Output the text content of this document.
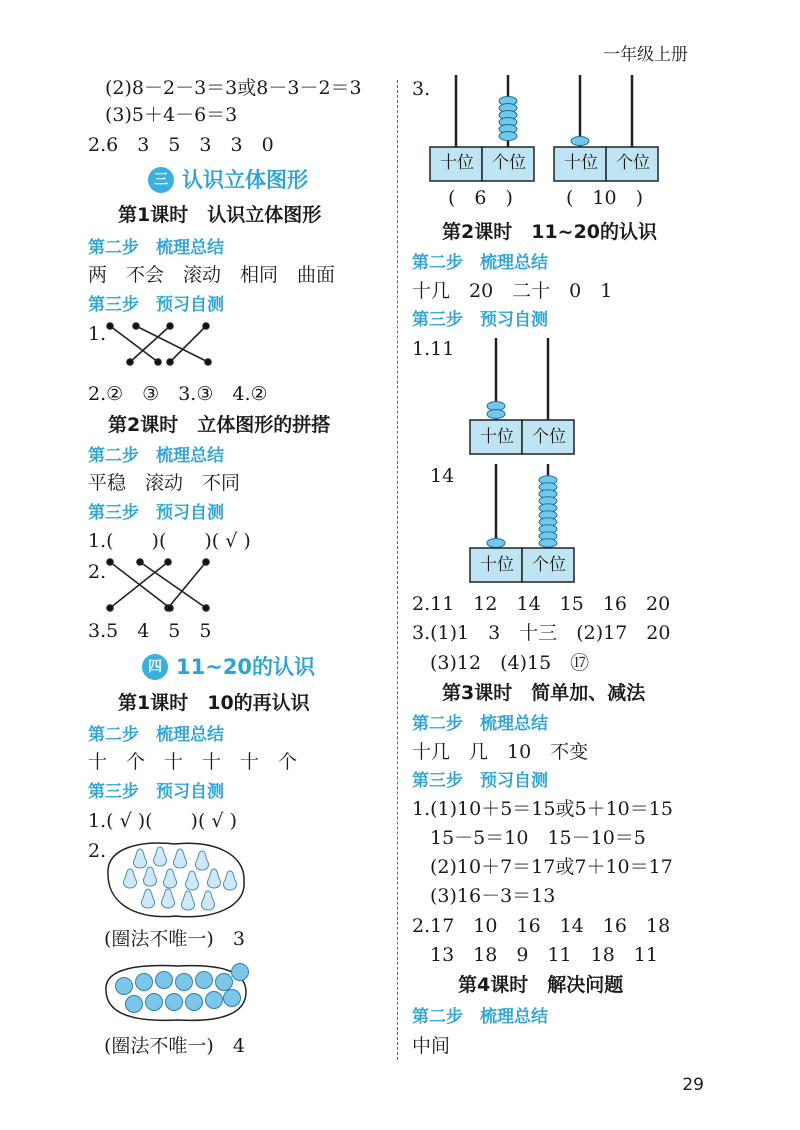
一年级上册
(2)8－2－3＝3或8－3－2＝3
(3)5＋4－6＝3
2.6　3　5　3　3　0
三 认识立体图形
第1课时　认识立体图形
第二步　梳理总结
两　不会　滚动　相同　曲面
第三步　预习自测
1.
2.②　③　3.③　4.②
第2课时　立体图形的拼搭
第二步　梳理总结
平稳　滚动　不同
第三步　预习自测
1.(　　)(　　)( √ )
2.
3.5　4　5　5
四 11~20的认识
第1课时　10的再认识
第二步　梳理总结
十　个　十　十　十　个
第三步　预习自测
1.( √ )(　　)( √ )
2.
(圈法不唯一)　3
(圈法不唯一)　4
3.
十位	个位
(　6　)
十位	个位
(　10　)
第2课时　11~20的认识
第二步　梳理总结
十几　20　二十　0　1
第三步　预习自测
1.11
十位	个位
14
十位	个位
2.11　12　14　15　16　20
3.(1)1　3　十三　(2)17　20
(3)12　(4)15　⑰
第3课时　简单加、减法
第二步　梳理总结
十几　几　10　不变
第三步　预习自测
1.(1)10＋5＝15或5＋10＝15
15－5＝10　15－10＝5
(2)10＋7＝17或7＋10＝17
(3)16－3＝13
2.17　10　16　14　16　18
13　18　9　11　18　11
第4课时　解决问题
第二步　梳理总结
中间
29
